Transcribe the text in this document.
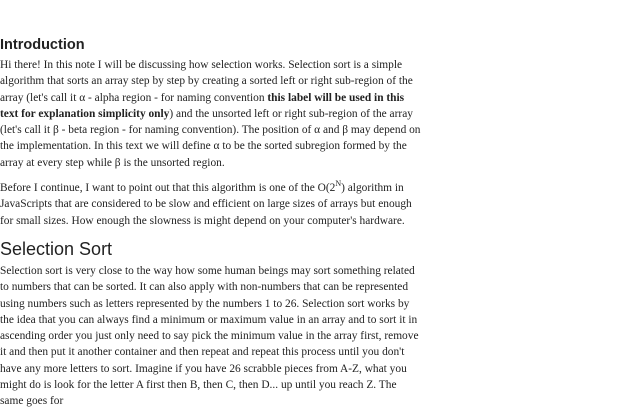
Introduction

Hi there! In this note I will be discussing how selection works. Selection sort is a simple algorithm that sorts an array step by step by creating a sorted left or right sub-region of the array (let's call it α - alpha region - for naming convention this label will be used in this text for explanation simplicity only) and the unsorted left or right sub-region of the array (let's call it β - beta region - for naming convention). The position of α and β may depend on the implementation. In this text we will define α to be the sorted subregion formed by the array at every step while β is the unsorted region.

Before I continue, I want to point out that this algorithm is one of the $O(2^N)$ algorithm in JavaScripts that are considered to be slow and efficient on large sizes of arrays but enough for small sizes. How enough the slowness is might depend on your computer's hardware.

Selection Sort

Selection sort is very close to the way how some human beings may sort something related to numbers that can be sorted. It can also apply with non-numbers that can be represented using numbers such as letters represented by the numbers 1 to 26. Selection sort works by the idea that you can always find a minimum or maximum value in an array and to sort it in ascending order you just only need to say pick the minimum value in the array first, remove it and then put it another container and then repeat and repeat this process until you don't have any more letters to sort. Imagine if you have 26 scrabble pieces from A-Z, what you might do is look for the letter A first then B, then C, then D... up until you reach Z. The same goes for
